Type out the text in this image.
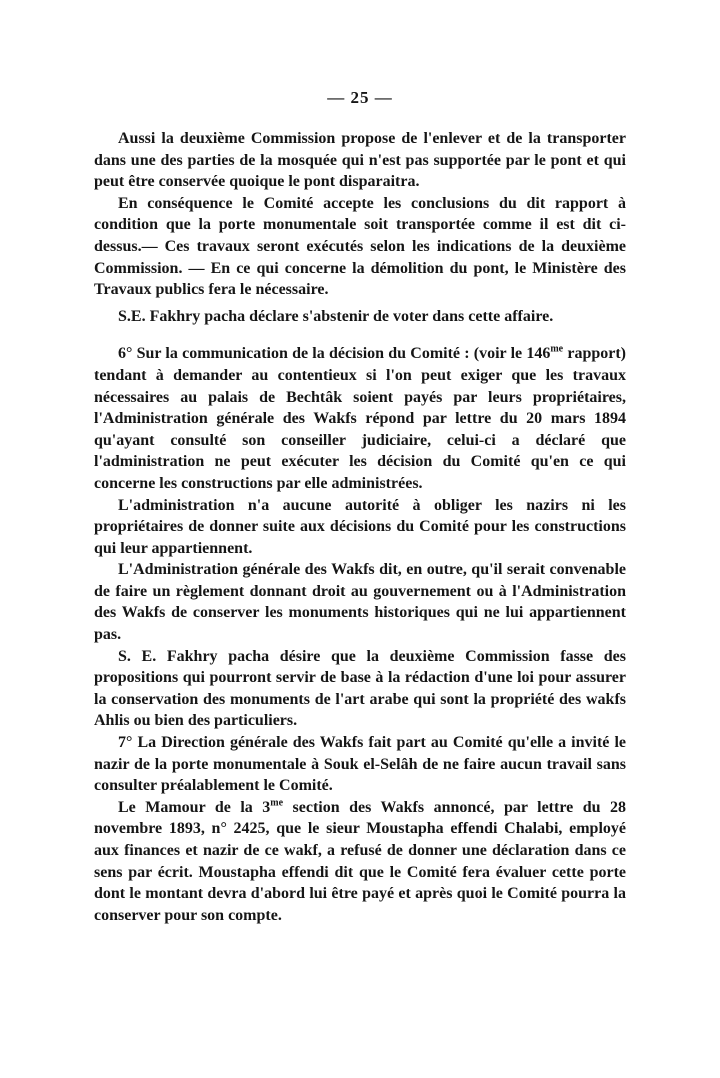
— 25 —

Aussi la deuxième Commission propose de l'enlever et de la transporter dans une des parties de la mosquée qui n'est pas supportée par le pont et qui peut être conservée quoique le pont disparaitra.

En conséquence le Comité accepte les conclusions du dit rapport à condition que la porte monumentale soit transportée comme il est dit ci-dessus.— Ces travaux seront exécutés selon les indications de la deuxième Commission. — En ce qui concerne la démolition du pont, le Ministère des Travaux publics fera le nécessaire.

S.E. Fakhry pacha déclare s'abstenir de voter dans cette affaire.

6° Sur la communication de la décision du Comité : (voir le $146^{me}$ rapport) tendant à demander au contentieux si l'on peut exiger que les travaux nécessaires au palais de Bechtâk soient payés par leurs propriétaires, l'Administration générale des Wakfs répond par lettre du 20 mars 1894 qu'ayant consulté son conseiller judiciaire, celui-ci a déclaré que l'administration ne peut exécuter les décision du Comité qu'en ce qui concerne les constructions par elle administrées.

L'administration n'a aucune autorité à obliger les nazirs ni les propriétaires de donner suite aux décisions du Comité pour les constructions qui leur appartiennent.

L'Administration générale des Wakfs dit, en outre, qu'il serait convenable de faire un règlement donnant droit au gouvernement ou à l'Administration des Wakfs de conserver les monuments historiques qui ne lui appartiennent pas.

S. E. Fakhry pacha désire que la deuxième Commission fasse des propositions qui pourront servir de base à la rédaction d'une loi pour assurer la conservation des monuments de l'art arabe qui sont la propriété des wakfs Ahlis ou bien des particuliers.

7° La Direction générale des Wakfs fait part au Comité qu'elle a invité le nazir de la porte monumentale à Souk el-Selâh de ne faire aucun travail sans consulter préalablement le Comité.

Le Mamour de la $3^{me}$ section des Wakfs annoncé, par lettre du 28 novembre 1893, n° 2425, que le sieur Moustapha effendi Chalabi, employé aux finances et nazir de ce wakf, a refusé de donner une déclaration dans ce sens par écrit. Moustapha effendi dit que le Comité fera évaluer cette porte dont le montant devra d'abord lui être payé et après quoi le Comité pourra la conserver pour son compte.
